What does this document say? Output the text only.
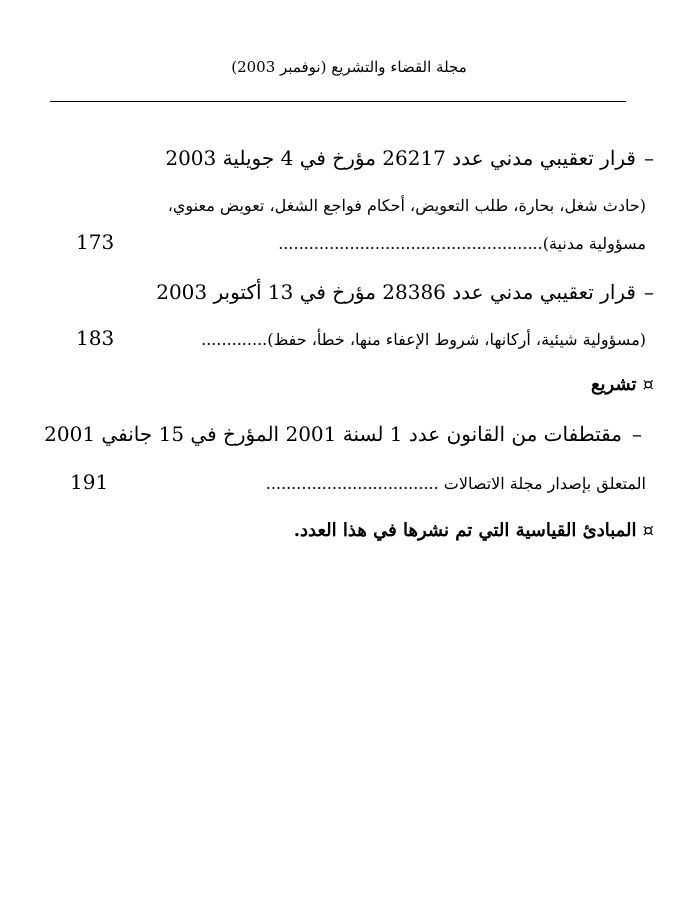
مجلة القضاء والتشريع (نوفمبر 2003)
–قرار تعقيبي مدني عدد 26217 مؤرخ في 4 جويلية 2003
(حادث شغل، بحارة، طلب التعويض، أحكام فواجع الشغل، تعويض معنوي،
مسؤولية مدنية)....................................................
173
–قرار تعقيبي مدني عدد 28386 مؤرخ في 13 أكتوبر 2003
(مسؤولية شيئية، أركانها، شروط الإعفاء منها، خطأ، حفظ).............
183
¤تشريع
–مقتطفات من القانون عدد 1 لسنة 2001 المؤرخ في 15 جانفي 2001
المتعلق بإصدار مجلة الاتصالات ..................................
191
¤المبادئ القياسية التي تم نشرها في هذا العدد.
